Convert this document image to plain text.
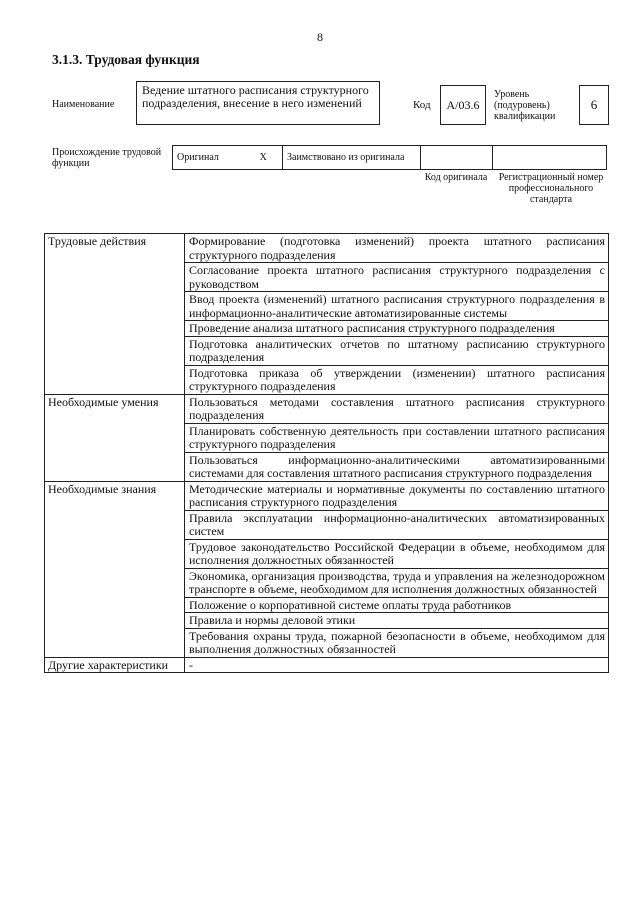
8
3.1.3. Трудовая функция
Наименование
Ведение штатного расписания структурного подразделения, внесение в него изменений	Код	А/03.6
Уровень (подуровень) квалификации
6
Происхождение трудовой функции
Оригинал	X	Заимствовано из оригинала		
Код оригинала	Регистрационный номер профессионального стандарта
Трудовые действия	Формирование (подготовка изменений) проекта штатного расписания структурного подразделения
	Согласование проекта штатного расписания структурного подразделения с руководством
	Ввод проекта (изменений) штатного расписания структурного подразделения в информационно-аналитические автоматизированные системы
	Проведение анализа штатного расписания структурного подразделения
	Подготовка аналитических отчетов по штатному расписанию структурного подразделения
	Подготовка приказа об утверждении (изменении) штатного расписания структурного подразделения
Необходимые умения	Пользоваться методами составления штатного расписания структурного подразделения
	Планировать собственную деятельность при составлении штатного расписания структурного подразделения
	Пользоваться информационно-аналитическими автоматизированными системами для составления штатного расписания структурного подразделения
Необходимые знания	Методические материалы и нормативные документы по составлению штатного расписания структурного подразделения
	Правила эксплуатации информационно-аналитических автоматизированных систем
	Трудовое законодательство Российской Федерации в объеме, необходимом для исполнения должностных обязанностей
	Экономика, организация производства, труда и управления на железнодорожном транспорте в объеме, необходимом для исполнения должностных обязанностей
	Положение о корпоративной системе оплаты труда работников
	Правила и нормы деловой этики
	Требования охраны труда, пожарной безопасности в объеме, необходимом для выполнения должностных обязанностей
Другие характеристики	-
